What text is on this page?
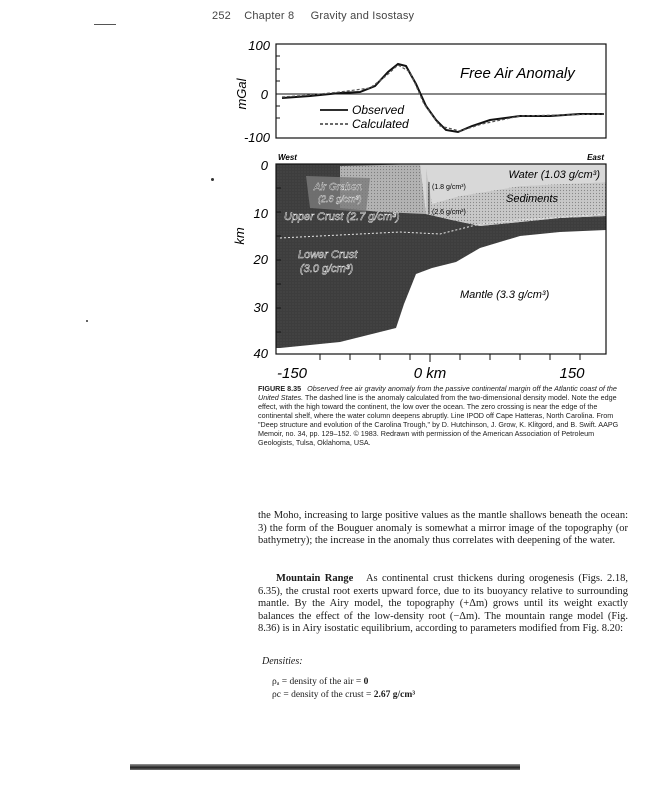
252 Chapter 8 Gravity and Isostasy
100
0
-100
mGal
Free Air Anomaly
Observed
Calculated
0
10
20
30
40
km
-150	0 km	150
West	East
Water (1.03 g/cm³)
Sediments
(1.8 g/cm³)
(2.6 g/cm³)
Air Graben
(2.6 g/cm³)
Upper Crust (2.7 g/cm³)
Lower Crust
(3.0 g/cm³)
Mantle (3.3 g/cm³)
FIGURE 8.35 Observed free air gravity anomaly from the passive continental margin off the Atlantic coast of the United States. The dashed line is the anomaly calculated from the two-dimensional density model. Note the edge effect, with the high toward the continent, the low over the ocean. The zero crossing is near the edge of the continental shelf, where the water column deepens abruptly. Line IPOD off Cape Hatteras, North Carolina. From "Deep structure and evolution of the Carolina Trough," by D. Hutchinson, J. Grow, K. Klitgord, and B. Swift. AAPG Memoir, no. 34, pp. 129–152. © 1983. Redrawn with permission of the American Association of Petroleum Geologists, Tulsa, Oklahoma, USA.
the Moho, increasing to large positive values as the mantle shallows beneath the ocean: 3) the form of the Bouguer anomaly is somewhat a mirror image of the topography (or bathymetry); the increase in the anomaly thus correlates with deepening of the water.
Mountain Range As continental crust thickens during orogenesis (Figs. 2.18, 6.35), the crustal root exerts upward force, due to its buoyancy relative to surrounding mantle. By the Airy model, the topography (+Δm) grows until its weight exactly balances the effect of the low-density root (−Δm). The mountain range model (Fig. 8.36) is in Airy isostatic equilibrium, according to parameters modified from Fig. 8.20:
Densities:
ρₐ = density of the air = 0
ρc = density of the crust = 2.67 g/cm³
